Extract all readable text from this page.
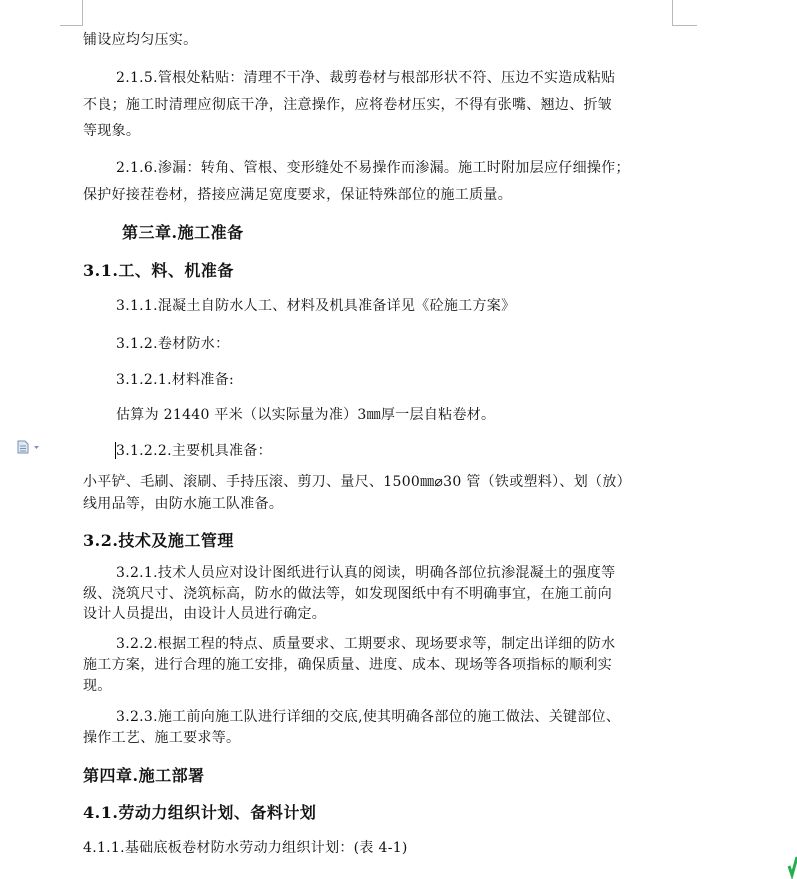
铺设应均匀压实。
2.1.5.管根处粘贴：清理不干净、裁剪卷材与根部形状不符、压边不实造成粘贴
不良；施工时清理应彻底干净，注意操作，应将卷材压实，不得有张嘴、翘边、折皱
等现象。
2.1.6.渗漏：转角、管根、变形缝处不易操作而渗漏。施工时附加层应仔细操作；
保护好接茬卷材，搭接应满足宽度要求，保证特殊部位的施工质量。
第三章.施工准备
3.1.工、料、机准备
3.1.1.混凝土自防水人工、材料及机具准备详见《砼施工方案》
3.1.2.卷材防水：
3.1.2.1.材料准备:
估算为 21440 平米（以实际量为准）3㎜厚一层自粘卷材。
3.1.2.2.主要机具准备：
小平铲、毛刷、滚刷、手持压滚、剪刀、量尺、1500㎜⌀30 管（铁或塑料）、划（放）
线用品等，由防水施工队准备。
3.2.技术及施工管理
3.2.1.技术人员应对设计图纸进行认真的阅读，明确各部位抗渗混凝土的强度等
级、浇筑尺寸、浇筑标高，防水的做法等，如发现图纸中有不明确事宜，在施工前向
设计人员提出，由设计人员进行确定。
3.2.2.根据工程的特点、质量要求、工期要求、现场要求等，制定出详细的防水
施工方案，进行合理的施工安排，确保质量、进度、成本、现场等各项指标的顺利实
现。
3.2.3.施工前向施工队进行详细的交底,使其明确各部位的施工做法、关键部位、
操作工艺、施工要求等。
第四章.施工部署
4.1.劳动力组织计划、备料计划
4.1.1.基础底板卷材防水劳动力组织计划：(表 4-1)
